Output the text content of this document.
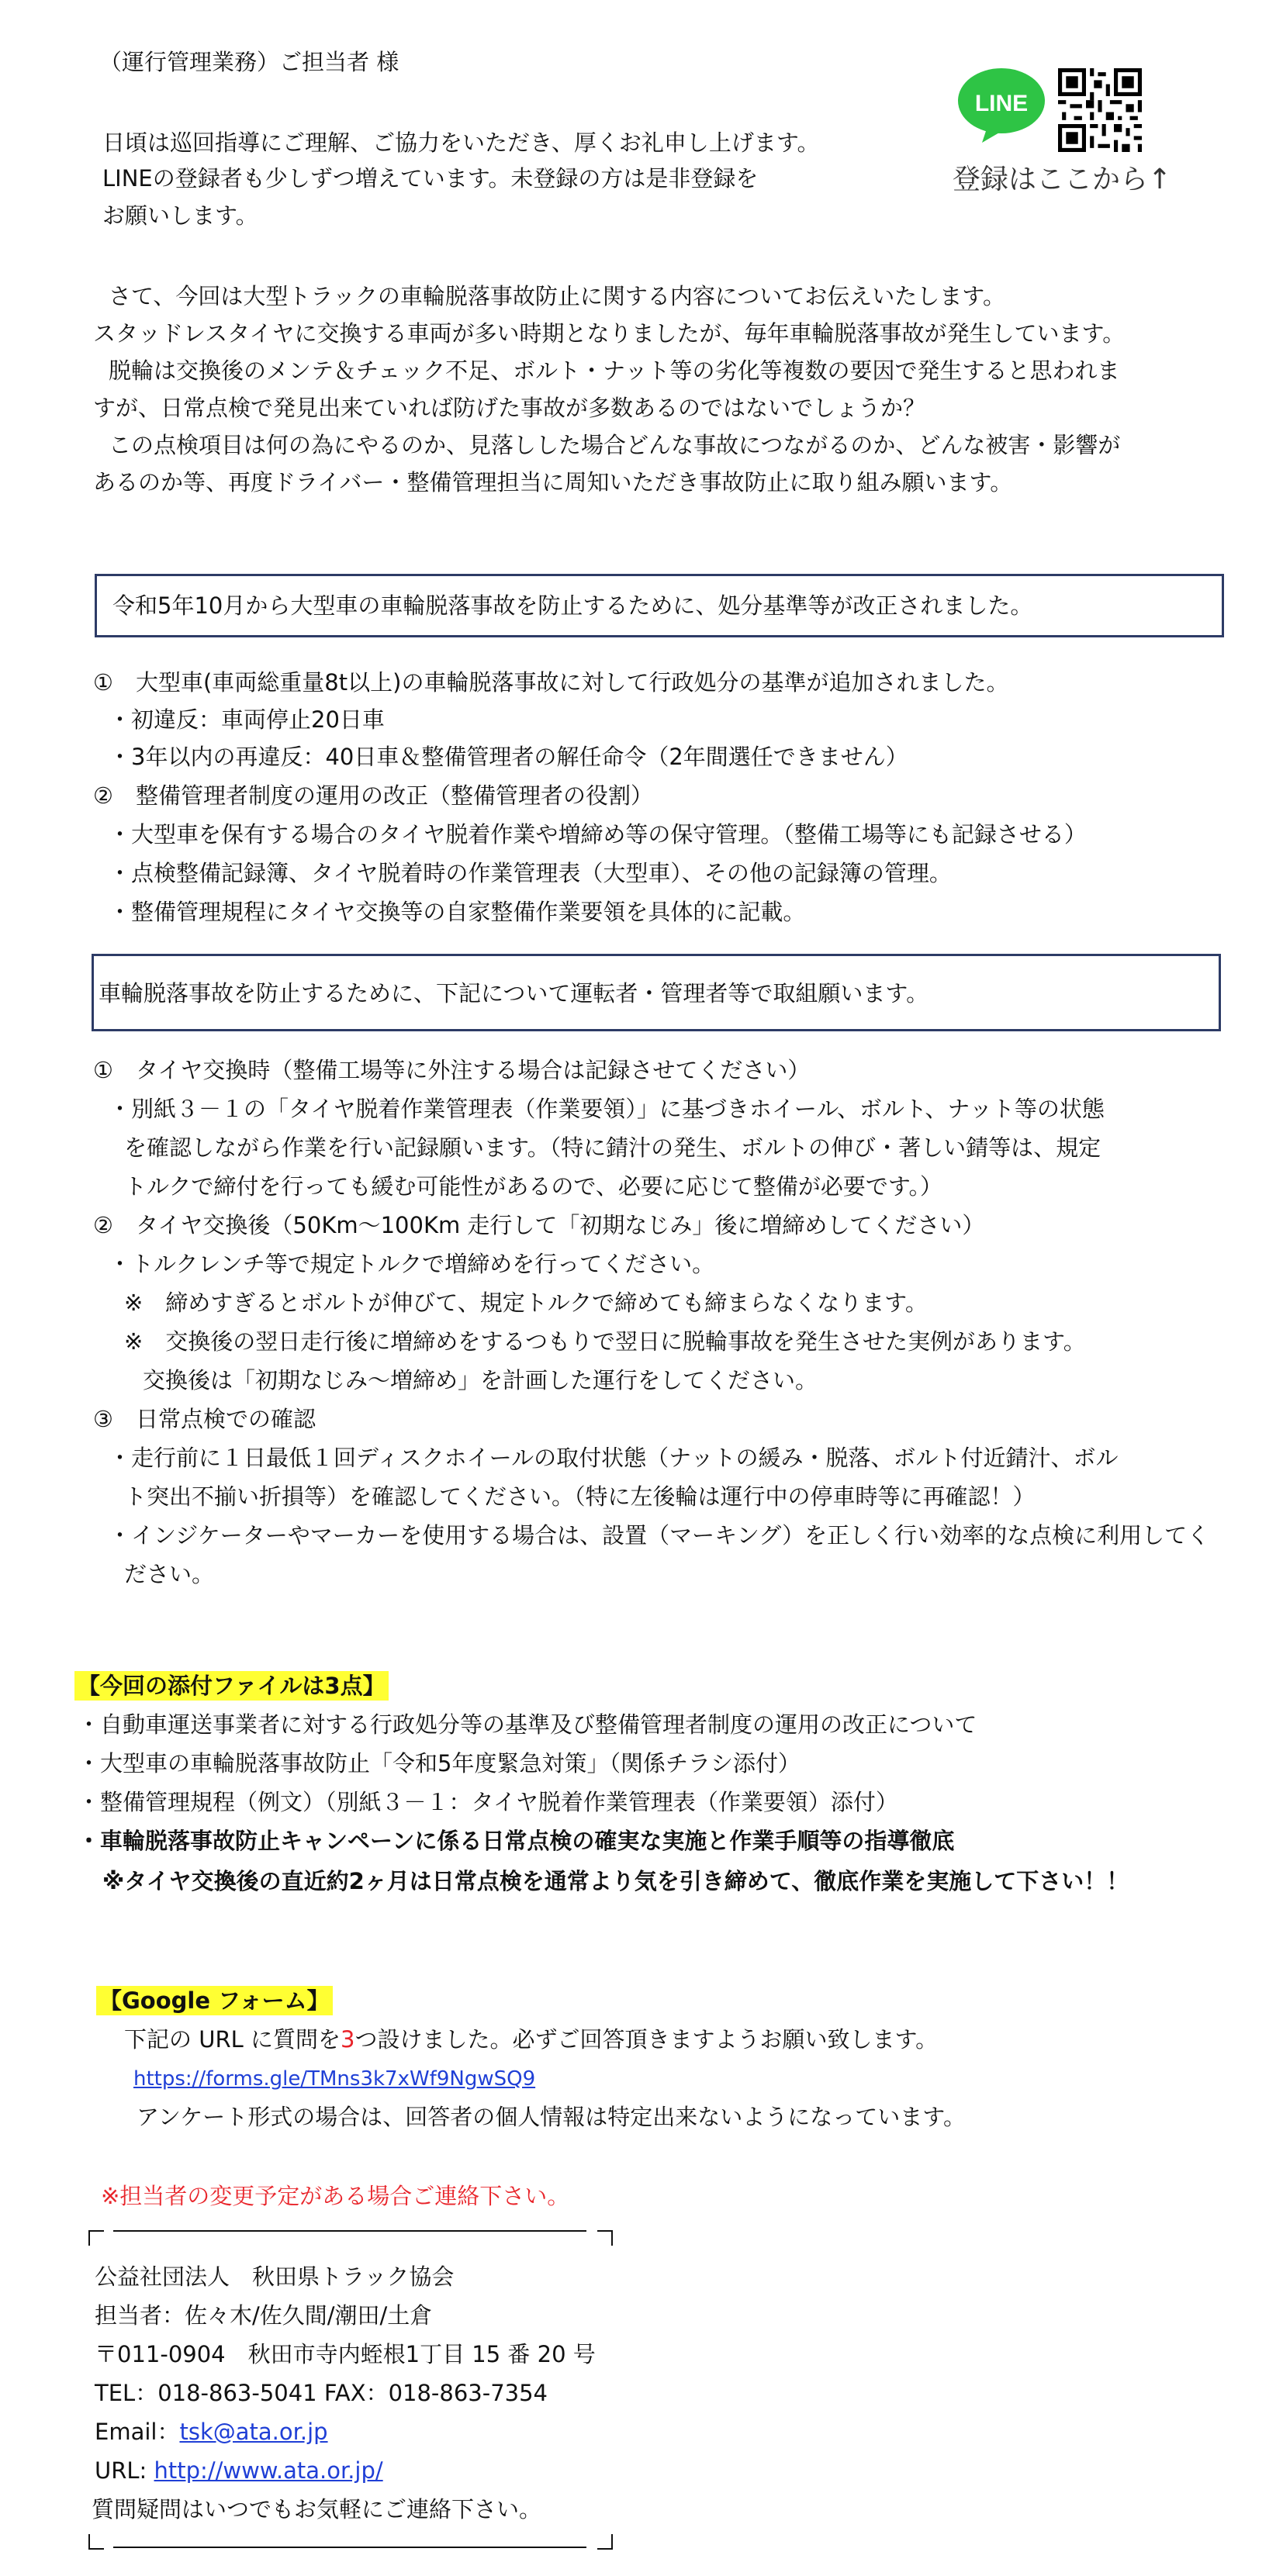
（運行管理業務）ご担当者 様
LINE
登録はここから↑
日頃は巡回指導にご理解、ご協力をいただき、厚くお礼申し上げます。
LINEの登録者も少しずつ増えています。未登録の方は是非登録を
お願いします。
さて、今回は大型トラックの車輪脱落事故防止に関する内容についてお伝えいたします。
スタッドレスタイヤに交換する車両が多い時期となりましたが、毎年車輪脱落事故が発生しています。
脱輪は交換後のメンテ＆チェック不足、ボルト・ナット等の劣化等複数の要因で発生すると思われま
すが、日常点検で発見出来ていれば防げた事故が多数あるのではないでしょうか？
この点検項目は何の為にやるのか、見落しした場合どんな事故につながるのか、どんな被害・影響が
あるのか等、再度ドライバー・整備管理担当に周知いただき事故防止に取り組み願います。
令和5年10月から大型車の車輪脱落事故を防止するために、処分基準等が改正されました。
①　大型車(車両総重量8t以上)の車輪脱落事故に対して行政処分の基準が追加されました。
・初違反：車両停止20日車
・3年以内の再違反：40日車＆整備管理者の解任命令（2年間選任できません）
②　整備管理者制度の運用の改正（整備管理者の役割）
・大型車を保有する場合のタイヤ脱着作業や増締め等の保守管理。（整備工場等にも記録させる）
・点検整備記録簿、タイヤ脱着時の作業管理表（大型車）、その他の記録簿の管理。
・整備管理規程にタイヤ交換等の自家整備作業要領を具体的に記載。
車輪脱落事故を防止するために、下記について運転者・管理者等で取組願います。
①　タイヤ交換時（整備工場等に外注する場合は記録させてください）
・別紙３－１の「タイヤ脱着作業管理表（作業要領）」に基づきホイール、ボルト、ナット等の状態
を確認しながら作業を行い記録願います。（特に錆汁の発生、ボルトの伸び・著しい錆等は、規定
トルクで締付を行っても緩む可能性があるので、必要に応じて整備が必要です。）
②　タイヤ交換後（50Km～100Km 走行して「初期なじみ」後に増締めしてください）
・トルクレンチ等で規定トルクで増締めを行ってください。
※　締めすぎるとボルトが伸びて、規定トルクで締めても締まらなくなります。
※　交換後の翌日走行後に増締めをするつもりで翌日に脱輪事故を発生させた実例があります。
交換後は「初期なじみ～増締め」を計画した運行をしてください。
③　日常点検での確認
・走行前に１日最低１回ディスクホイールの取付状態（ナットの緩み・脱落、ボルト付近錆汁、ボル
ト突出不揃い折損等）を確認してください。（特に左後輪は運行中の停車時等に再確認！）
・インジケーターやマーカーを使用する場合は、設置（マーキング）を正しく行い効率的な点検に利用してく
ださい。
【今回の添付ファイルは3点】
・自動車運送事業者に対する行政処分等の基準及び整備管理者制度の運用の改正について
・大型車の車輪脱落事故防止「令和5年度緊急対策」（関係チラシ添付）
・整備管理規程（例文）（別紙３－１：タイヤ脱着作業管理表（作業要領）添付）
・車輪脱落事故防止キャンペーンに係る日常点検の確実な実施と作業手順等の指導徹底
※タイヤ交換後の直近約2ヶ月は日常点検を通常より気を引き締めて、徹底作業を実施して下さい！！
【Google フォーム】
下記の URL に質問を3つ設けました。必ずご回答頂きますようお願い致します。
https://forms.gle/TMns3k7xWf9NgwSQ9
アンケート形式の場合は、回答者の個人情報は特定出来ないようになっています。
※担当者の変更予定がある場合ご連絡下さい。
公益社団法人　秋田県トラック協会
担当者：佐々木/佐久間/潮田/土倉
〒011-0904　秋田市寺内蛭根1丁目 15 番 20 号
TEL：018-863-5041 FAX：018-863-7354
Email：tsk@ata.or.jp
URL: http://www.ata.or.jp/
質問疑問はいつでもお気軽にご連絡下さい。
